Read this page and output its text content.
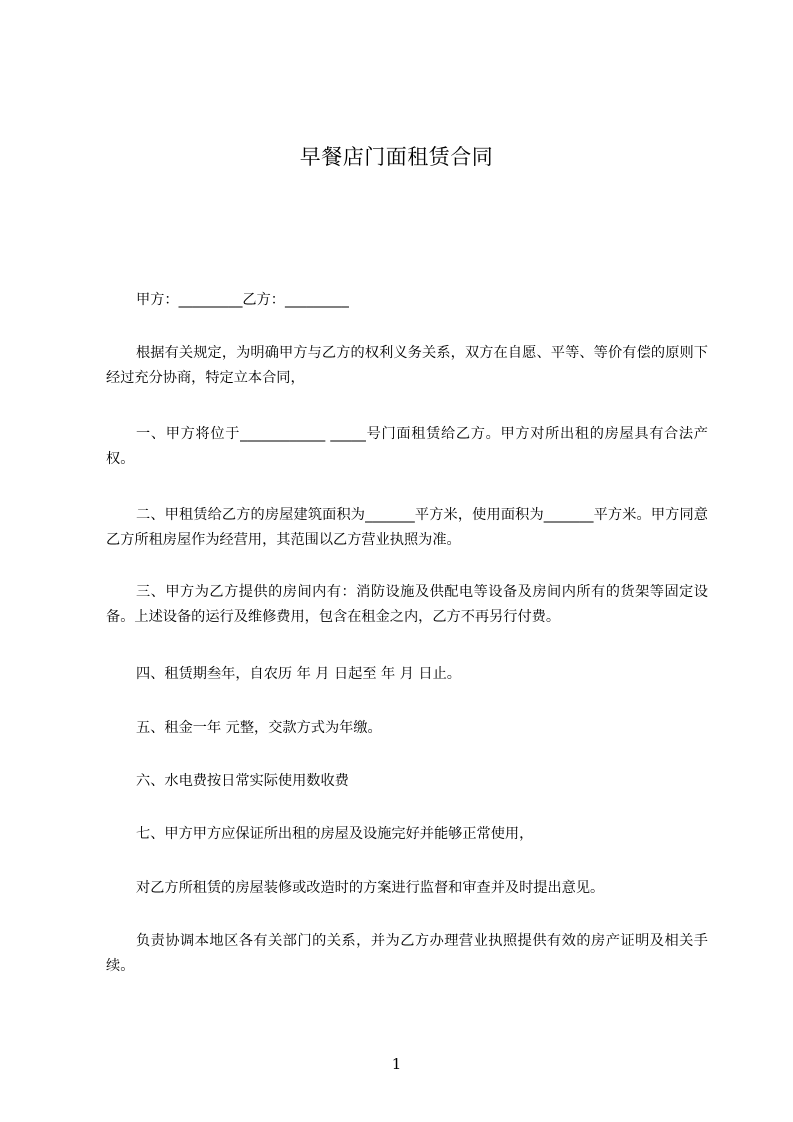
早餐店门面租赁合同
甲方：_________乙方：_________
根据有关规定，为明确甲方与乙方的权利义务关系，双方在自愿、平等、等价有偿的原则下经过充分协商，特定立本合同，
一、甲方将位于____________ _____号门面租赁给乙方。甲方对所出租的房屋具有合法产权。
二、甲租赁给乙方的房屋建筑面积为_______平方米，使用面积为_______平方米。甲方同意乙方所租房屋作为经营用，其范围以乙方营业执照为准。
三、甲方为乙方提供的房间内有：消防设施及供配电等设备及房间内所有的货架等固定设备。上述设备的运行及维修费用，包含在租金之内，乙方不再另行付费。
四、租赁期叁年，自农历 年 月 日起至 年 月 日止。
五、租金一年 元整，交款方式为年缴。
六、水电费按日常实际使用数收费
七、甲方甲方应保证所出租的房屋及设施完好并能够正常使用，
对乙方所租赁的房屋装修或改造时的方案进行监督和审查并及时提出意见。
负责协调本地区各有关部门的关系，并为乙方办理营业执照提供有效的房产证明及相关手续。
1
